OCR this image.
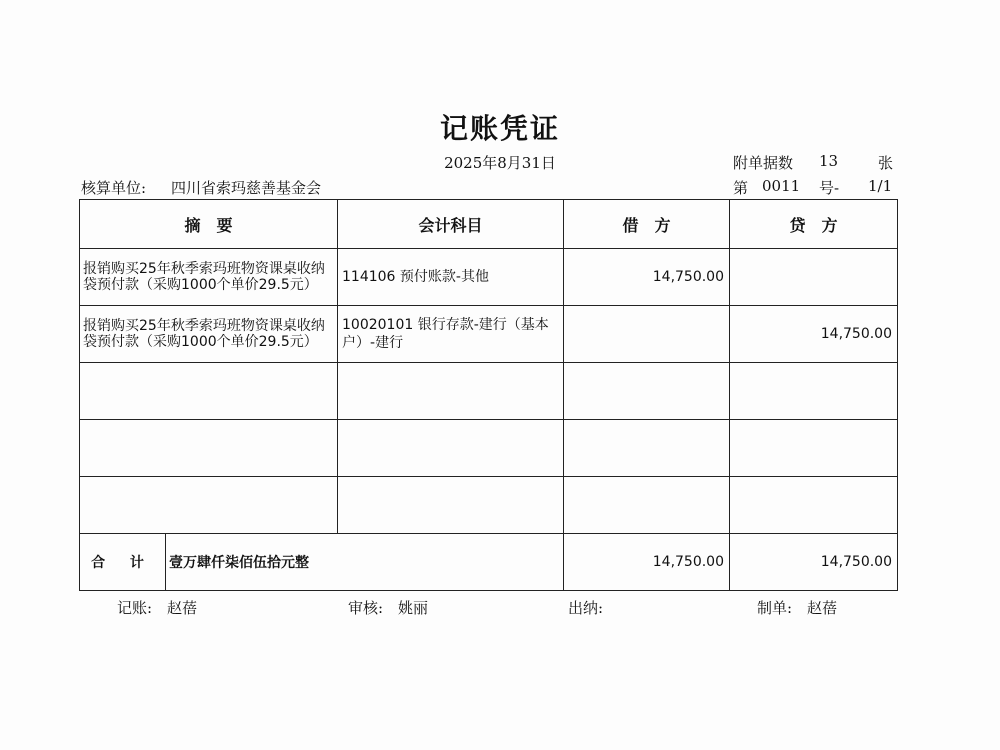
记账凭证
2025年8月31日	附单据数 13	张
核算单位: 四川省索玛慈善基金会	第 0011 号- 1/1
摘　要		会计科目	借　方	贷　方
报销购买25年秋季索玛班物资课桌收纳袋预付款（采购1000个单价29.5元）		114106 预付账款-其他	14,750.00	
报销购买25年秋季索玛班物资课桌收纳袋预付款（采购1000个单价29.5元）		10020101 银行存款-建行（基本户）-建行		14,750.00

合 计	壹万肆仟柒佰伍拾元整		14,750.00	14,750.00
记账: 赵蓓	审核: 姚丽	出纳:	制单: 赵蓓
